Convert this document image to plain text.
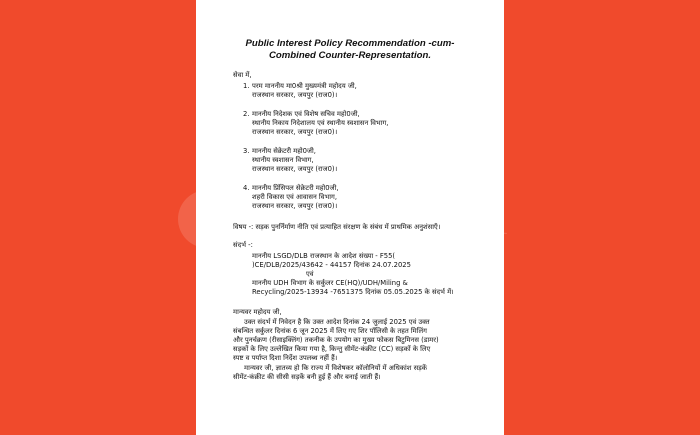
Public Interest Policy Recommendation -cum-
Combined Counter-Representation.
सेवा में,
1. परम माननीय मा0श्री मुख्यमंत्री महोदय जी,
राजस्थान सरकार, जयपुर (राज0)।
2. माननीय निदेशक एवं विशेष सचिव महो0जी,
स्थानीय निकाय निदेशालय एवं स्थानीय स्वशासन विभाग,
राजस्थान सरकार, जयपुर (राज0)।
3. माननीय सेक्रेटरी महो0जी,
स्थानीय स्वशासन विभाग,
राजस्थान सरकार, जयपुर (राज0)।
4. माननीय प्रिंसिपल सेक्रेटरी महो0जी,
शहरी विकास एवं आवासन विभाग,
राजस्थान सरकार, जयपुर (राज0)।
विषय -: सड़क पुनर्निर्माण नीति एवं प्रत्याहित संरक्षण के संबंध में प्राथमिक अनुशंसाएँ।
संदर्भ -:
माननीय LSGD/DLB राजस्थान के आदेश संख्या - F55(
)CE/DLB/2025/43642 - 44157 दिनांक 24.07.2025
एवं
माननीय UDH विभाग के सर्कुलर CE(HQ)/UDH/Miling &
Recycling/2025-13934 -7651375 दिनांक 05.05.2025 के संदर्भ में।
मान्यवर महोदय जी,
उक्त संदर्भ में निवेदन है कि उक्त आदेश दिनांक 24 जुलाई 2025 एवं उक्त
संबन्धित सर्कुलर दिनांक 6 जून 2025 में लिए गए शिर पॉलिसी के तहत मिलिंग
और पुनर्चक्रण (रीसाइक्लिंग) तकनीक के उपयोग का मुख्य फोकस बिटुमिनस (डामर)
सड़कों के लिए उल्लेखित किया गया है, किन्तु सीमेंट-कंक्रीट (CC) सड़कों के लिए
स्पष्ट व पर्याप्त दिशा निर्देश उपलब्ध नहीं हैं।
मान्यवर जी, ज्ञातव्य हो कि राज्य में विशेषकर कॉलोनियों में अधिकांश सड़कें
सीमेंट-कंक्रीट की सीसी सड़कें बनी हुई हैं और बनाई जाती हैं।
